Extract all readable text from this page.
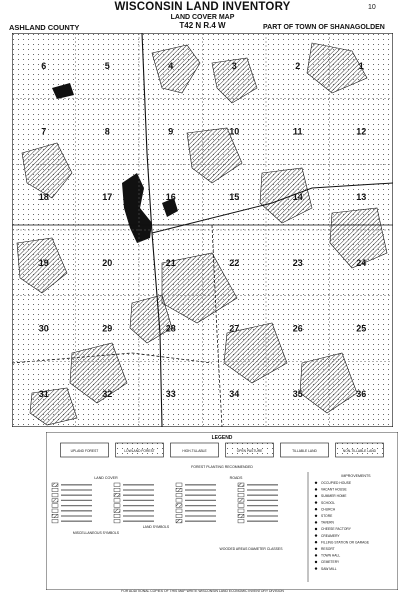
WISCONSIN LAND INVENTORY	10
LAND COVER MAP
T42 N R.4 W
ASHLAND COUNTY	PART OF TOWN OF SHANAGOLDEN
6	5	4	3	2	1
7	8	9	10	11	12
18	17	16	15	14	13
19	20	21	22	23	24
30	29	28	27	26	25
31	32	33	34	35	36
LEGEND
UPLAND FOREST	LOWLAND FOREST	HIGH-TILLABLE	OPEN PASTURE	TILLABLE LAND	NON-TILLABLE LAND
FOREST PLANTING RECOMMENDED
LAND COVER	ROADS	IMPROVEMENTS
LAND SYMBOLS
MISCELLANEOUS SYMBOLS
WOODED AREAS DIAMETER CLASSES
OCCUPIED HOUSE
VACANT HOUSE
SUMMER HOME
SCHOOL
CHURCH
STORE
TAVERN
CHEESE FACTORY
CREAMERY
FILLING STATION OR GARAGE
RESORT
TOWN HALL
CEMETERY
SAW MILL
FOR ADDITIONAL COPIES OF THIS MAP WRITE WISCONSIN LAND ECONOMIC INVENTORY DIVISION
